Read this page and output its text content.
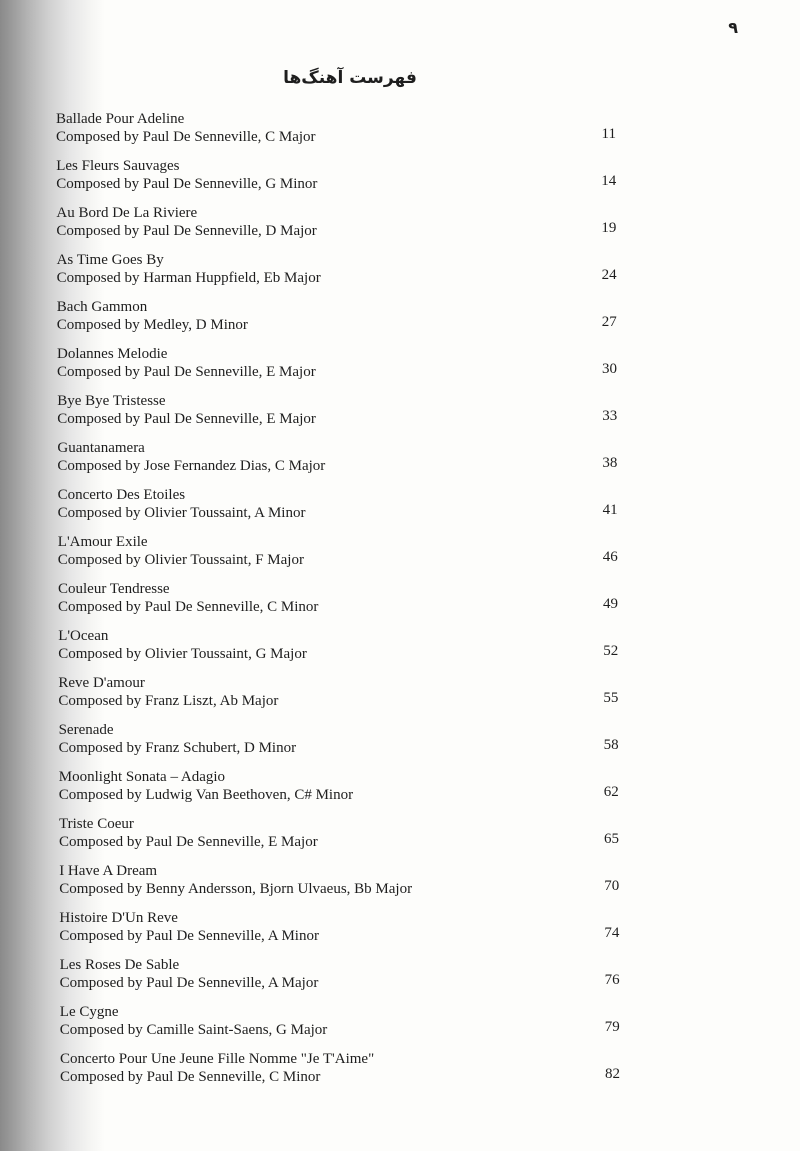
٩
فهرست آهنگ‌ها
Ballade Pour Adeline
Composed by Paul De Senneville, C Major	11
Les Fleurs Sauvages
Composed by Paul De Senneville, G Minor	14
Au Bord De La Riviere
Composed by Paul De Senneville, D Major	19
As Time Goes By
Composed by Harman Huppfield, Eb Major	24
Bach Gammon
Composed by Medley, D Minor	27
Dolannes Melodie
Composed by Paul De Senneville, E Major	30
Bye Bye Tristesse
Composed by Paul De Senneville, E Major	33
Guantanamera
Composed by Jose Fernandez Dias, C Major	38
Concerto Des Etoiles
Composed by Olivier Toussaint, A Minor	41
L'Amour Exile
Composed by Olivier Toussaint, F Major	46
Couleur Tendresse
Composed by Paul De Senneville, C Minor	49
L'Ocean
Composed by Olivier Toussaint, G Major	52
Reve D'amour
Composed by Franz Liszt, Ab Major	55
Serenade
Composed by Franz Schubert, D Minor	58
Moonlight Sonata – Adagio
Composed by Ludwig Van Beethoven, C# Minor	62
Triste Coeur
Composed by Paul De Senneville, E Major	65
I Have A Dream
Composed by Benny Andersson, Bjorn Ulvaeus, Bb Major	70
Histoire D'Un Reve
Composed by Paul De Senneville, A Minor	74
Les Roses De Sable
Composed by Paul De Senneville, A Major	76
Le Cygne
Composed by Camille Saint-Saens, G Major	79
Concerto Pour Une Jeune Fille Nomme "Je T'Aime"
Composed by Paul De Senneville, C Minor	82
